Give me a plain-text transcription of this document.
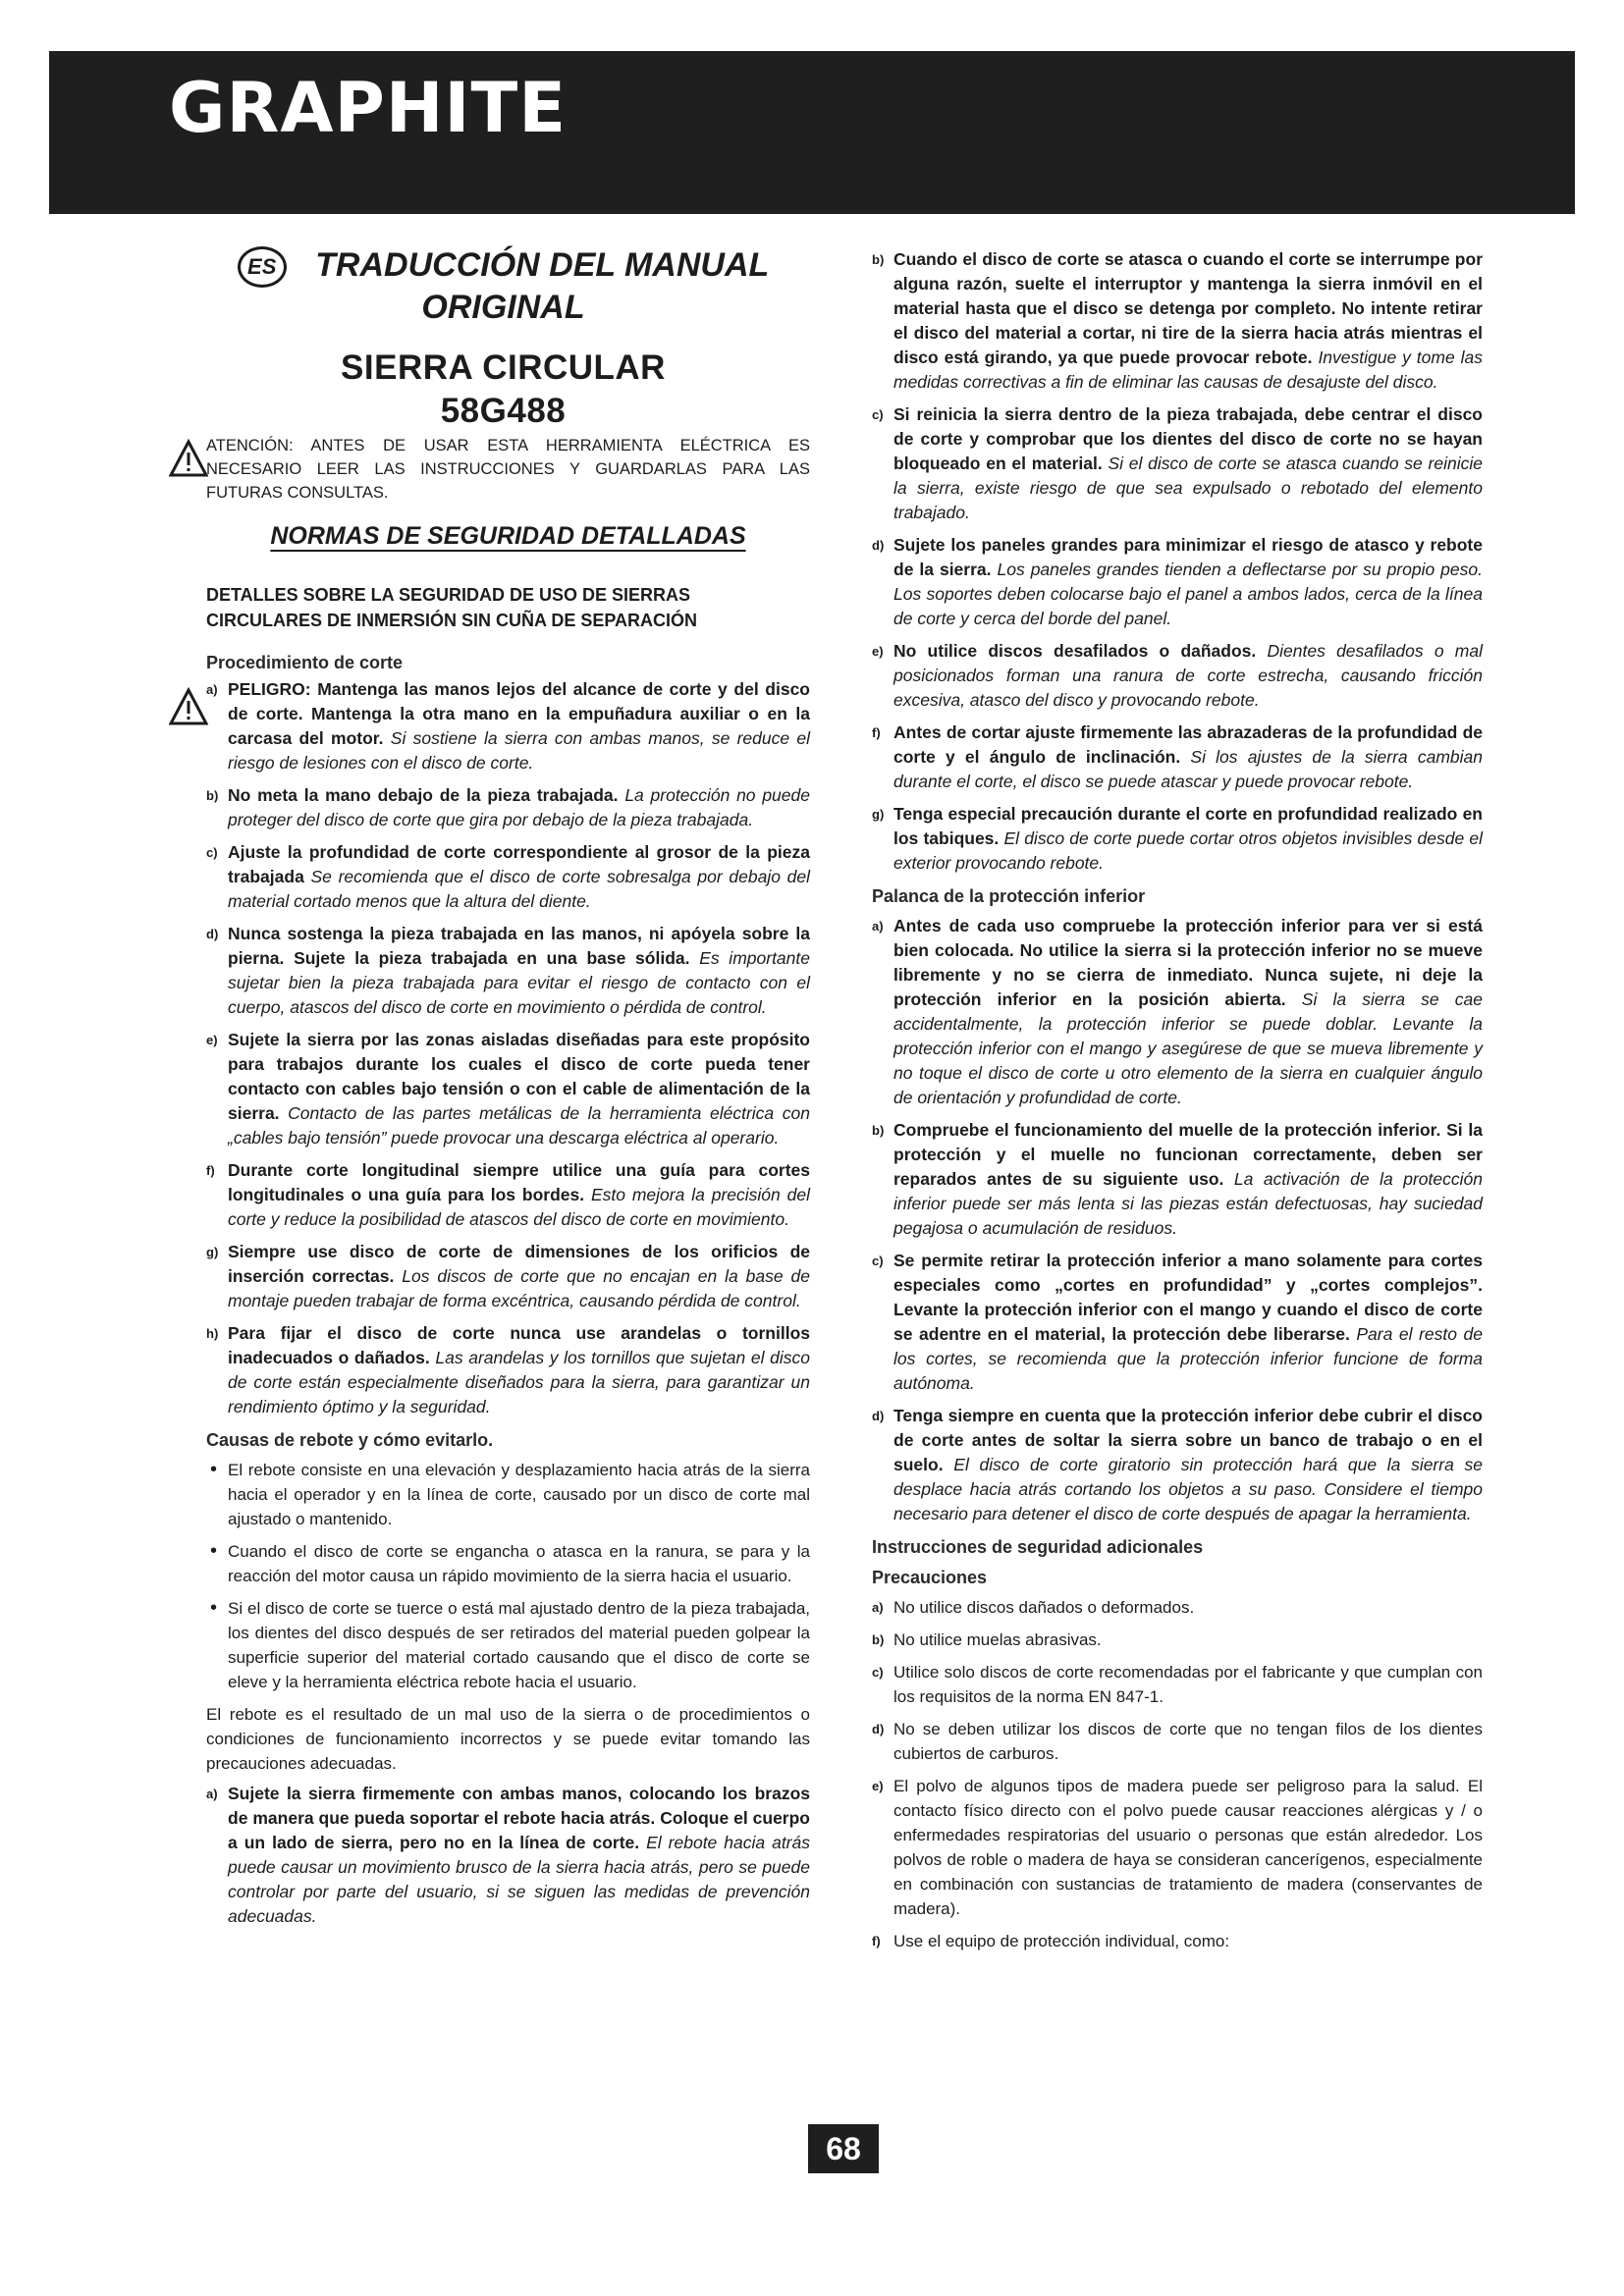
GRAPHITE
ES TRADUCCIÓN DEL MANUAL
ORIGINAL
SIERRA CIRCULAR
58G488
ATENCIÓN: ANTES DE USAR ESTA HERRAMIENTA ELÉCTRICA ES NECESARIO LEER LAS INSTRUCCIONES Y GUARDARLAS PARA LAS FUTURAS CONSULTAS.
NORMAS DE SEGURIDAD DETALLADAS
DETALLES SOBRE LA SEGURIDAD DE USO DE SIERRAS CIRCULARES DE INMERSIÓN SIN CUÑA DE SEPARACIÓN
Procedimiento de corte
a) PELIGRO: Mantenga las manos lejos del alcance de corte y del disco de corte. Mantenga la otra mano en la empuñadura auxiliar o en la carcasa del motor. Si sostiene la sierra con ambas manos, se reduce el riesgo de lesiones con el disco de corte.
b) No meta la mano debajo de la pieza trabajada. La protección no puede proteger del disco de corte que gira por debajo de la pieza trabajada.
c) Ajuste la profundidad de corte correspondiente al grosor de la pieza trabajada Se recomienda que el disco de corte sobresalga por debajo del material cortado menos que la altura del diente.
d) Nunca sostenga la pieza trabajada en las manos, ni apóyela sobre la pierna. Sujete la pieza trabajada en una base sólida. Es importante sujetar bien la pieza trabajada para evitar el riesgo de contacto con el cuerpo, atascos del disco de corte en movimiento o pérdida de control.
e) Sujete la sierra por las zonas aisladas diseñadas para este propósito para trabajos durante los cuales el disco de corte pueda tener contacto con cables bajo tensión o con el cable de alimentación de la sierra. Contacto de las partes metálicas de la herramienta eléctrica con „cables bajo tensión” puede provocar una descarga eléctrica al operario.
f) Durante corte longitudinal siempre utilice una guía para cortes longitudinales o una guía para los bordes. Esto mejora la precisión del corte y reduce la posibilidad de atascos del disco de corte en movimiento.
g) Siempre use disco de corte de dimensiones de los orificios de inserción correctas. Los discos de corte que no encajan en la base de montaje pueden trabajar de forma excéntrica, causando pérdida de control.
h) Para fijar el disco de corte nunca use arandelas o tornillos inadecuados o dañados. Las arandelas y los tornillos que sujetan el disco de corte están especialmente diseñados para la sierra, para garantizar un rendimiento óptimo y la seguridad.
Causas de rebote y cómo evitarlo.
• El rebote consiste en una elevación y desplazamiento hacia atrás de la sierra hacia el operador y en la línea de corte, causado por un disco de corte mal ajustado o mantenido.
• Cuando el disco de corte se engancha o atasca en la ranura, se para y la reacción del motor causa un rápido movimiento de la sierra hacia el usuario.
• Si el disco de corte se tuerce o está mal ajustado dentro de la pieza trabajada, los dientes del disco después de ser retirados del material pueden golpear la superficie superior del material cortado causando que el disco de corte se eleve y la herramienta eléctrica rebote hacia el usuario.

El rebote es el resultado de un mal uso de la sierra o de procedimientos o condiciones de funcionamiento incorrectos y se puede evitar tomando las precauciones adecuadas.

a) Sujete la sierra firmemente con ambas manos, colocando los brazos de manera que pueda soportar el rebote hacia atrás. Coloque el cuerpo a un lado de sierra, pero no en la línea de corte. El rebote hacia atrás puede causar un movimiento brusco de la sierra hacia atrás, pero se puede controlar por parte del usuario, si se siguen las medidas de prevención adecuadas.
b) Cuando el disco de corte se atasca o cuando el corte se interrumpe por alguna razón, suelte el interruptor y mantenga la sierra inmóvil en el material hasta que el disco se detenga por completo. No intente retirar el disco del material a cortar, ni tire de la sierra hacia atrás mientras el disco está girando, ya que puede provocar rebote. Investigue y tome las medidas correctivas a fin de eliminar las causas de desajuste del disco.
c) Si reinicia la sierra dentro de la pieza trabajada, debe centrar el disco de corte y comprobar que los dientes del disco de corte no se hayan bloqueado en el material. Si el disco de corte se atasca cuando se reinicie la sierra, existe riesgo de que sea expulsado o rebotado del elemento trabajado.
d) Sujete los paneles grandes para minimizar el riesgo de atasco y rebote de la sierra. Los paneles grandes tienden a deflectarse por su propio peso. Los soportes deben colocarse bajo el panel a ambos lados, cerca de la línea de corte y cerca del borde del panel.
e) No utilice discos desafilados o dañados. Dientes desafilados o mal posicionados forman una ranura de corte estrecha, causando fricción excesiva, atasco del disco y provocando rebote.
f) Antes de cortar ajuste firmemente las abrazaderas de la profundidad de corte y el ángulo de inclinación. Si los ajustes de la sierra cambian durante el corte, el disco se puede atascar y puede provocar rebote.
g) Tenga especial precaución durante el corte en profundidad realizado en los tabiques. El disco de corte puede cortar otros objetos invisibles desde el exterior provocando rebote.
Palanca de la protección inferior
a) Antes de cada uso compruebe la protección inferior para ver si está bien colocada. No utilice la sierra si la protección inferior no se mueve libremente y no se cierra de inmediato. Nunca sujete, ni deje la protección inferior en la posición abierta. Si la sierra se cae accidentalmente, la protección inferior se puede doblar. Levante la protección inferior con el mango y asegúrese de que se mueva libremente y no toque el disco de corte u otro elemento de la sierra en cualquier ángulo de orientación y profundidad de corte.
b) Compruebe el funcionamiento del muelle de la protección inferior. Si la protección y el muelle no funcionan correctamente, deben ser reparados antes de su siguiente uso. La activación de la protección inferior puede ser más lenta si las piezas están defectuosas, hay suciedad pegajosa o acumulación de residuos.
c) Se permite retirar la protección inferior a mano solamente para cortes especiales como „cortes en profundidad” y „cortes complejos”. Levante la protección inferior con el mango y cuando el disco de corte se adentre en el material, la protección debe liberarse. Para el resto de los cortes, se recomienda que la protección inferior funcione de forma autónoma.
d) Tenga siempre en cuenta que la protección inferior debe cubrir el disco de corte antes de soltar la sierra sobre un banco de trabajo o en el suelo. El disco de corte giratorio sin protección hará que la sierra se desplace hacia atrás cortando los objetos a su paso. Considere el tiempo necesario para detener el disco de corte después de apagar la herramienta.
Instrucciones de seguridad adicionales
Precauciones
a) No utilice discos dañados o deformados.
b) No utilice muelas abrasivas.
c) Utilice solo discos de corte recomendadas por el fabricante y que cumplan con los requisitos de la norma EN 847-1.
d) No se deben utilizar los discos de corte que no tengan filos de los dientes cubiertos de carburos.
e) El polvo de algunos tipos de madera puede ser peligroso para la salud. El contacto físico directo con el polvo puede causar reacciones alérgicas y / o enfermedades respiratorias del usuario o personas que están alrededor. Los polvos de roble o madera de haya se consideran cancerígenos, especialmente en combinación con sustancias de tratamiento de madera (conservantes de madera).
f) Use el equipo de protección individual, como:
68
